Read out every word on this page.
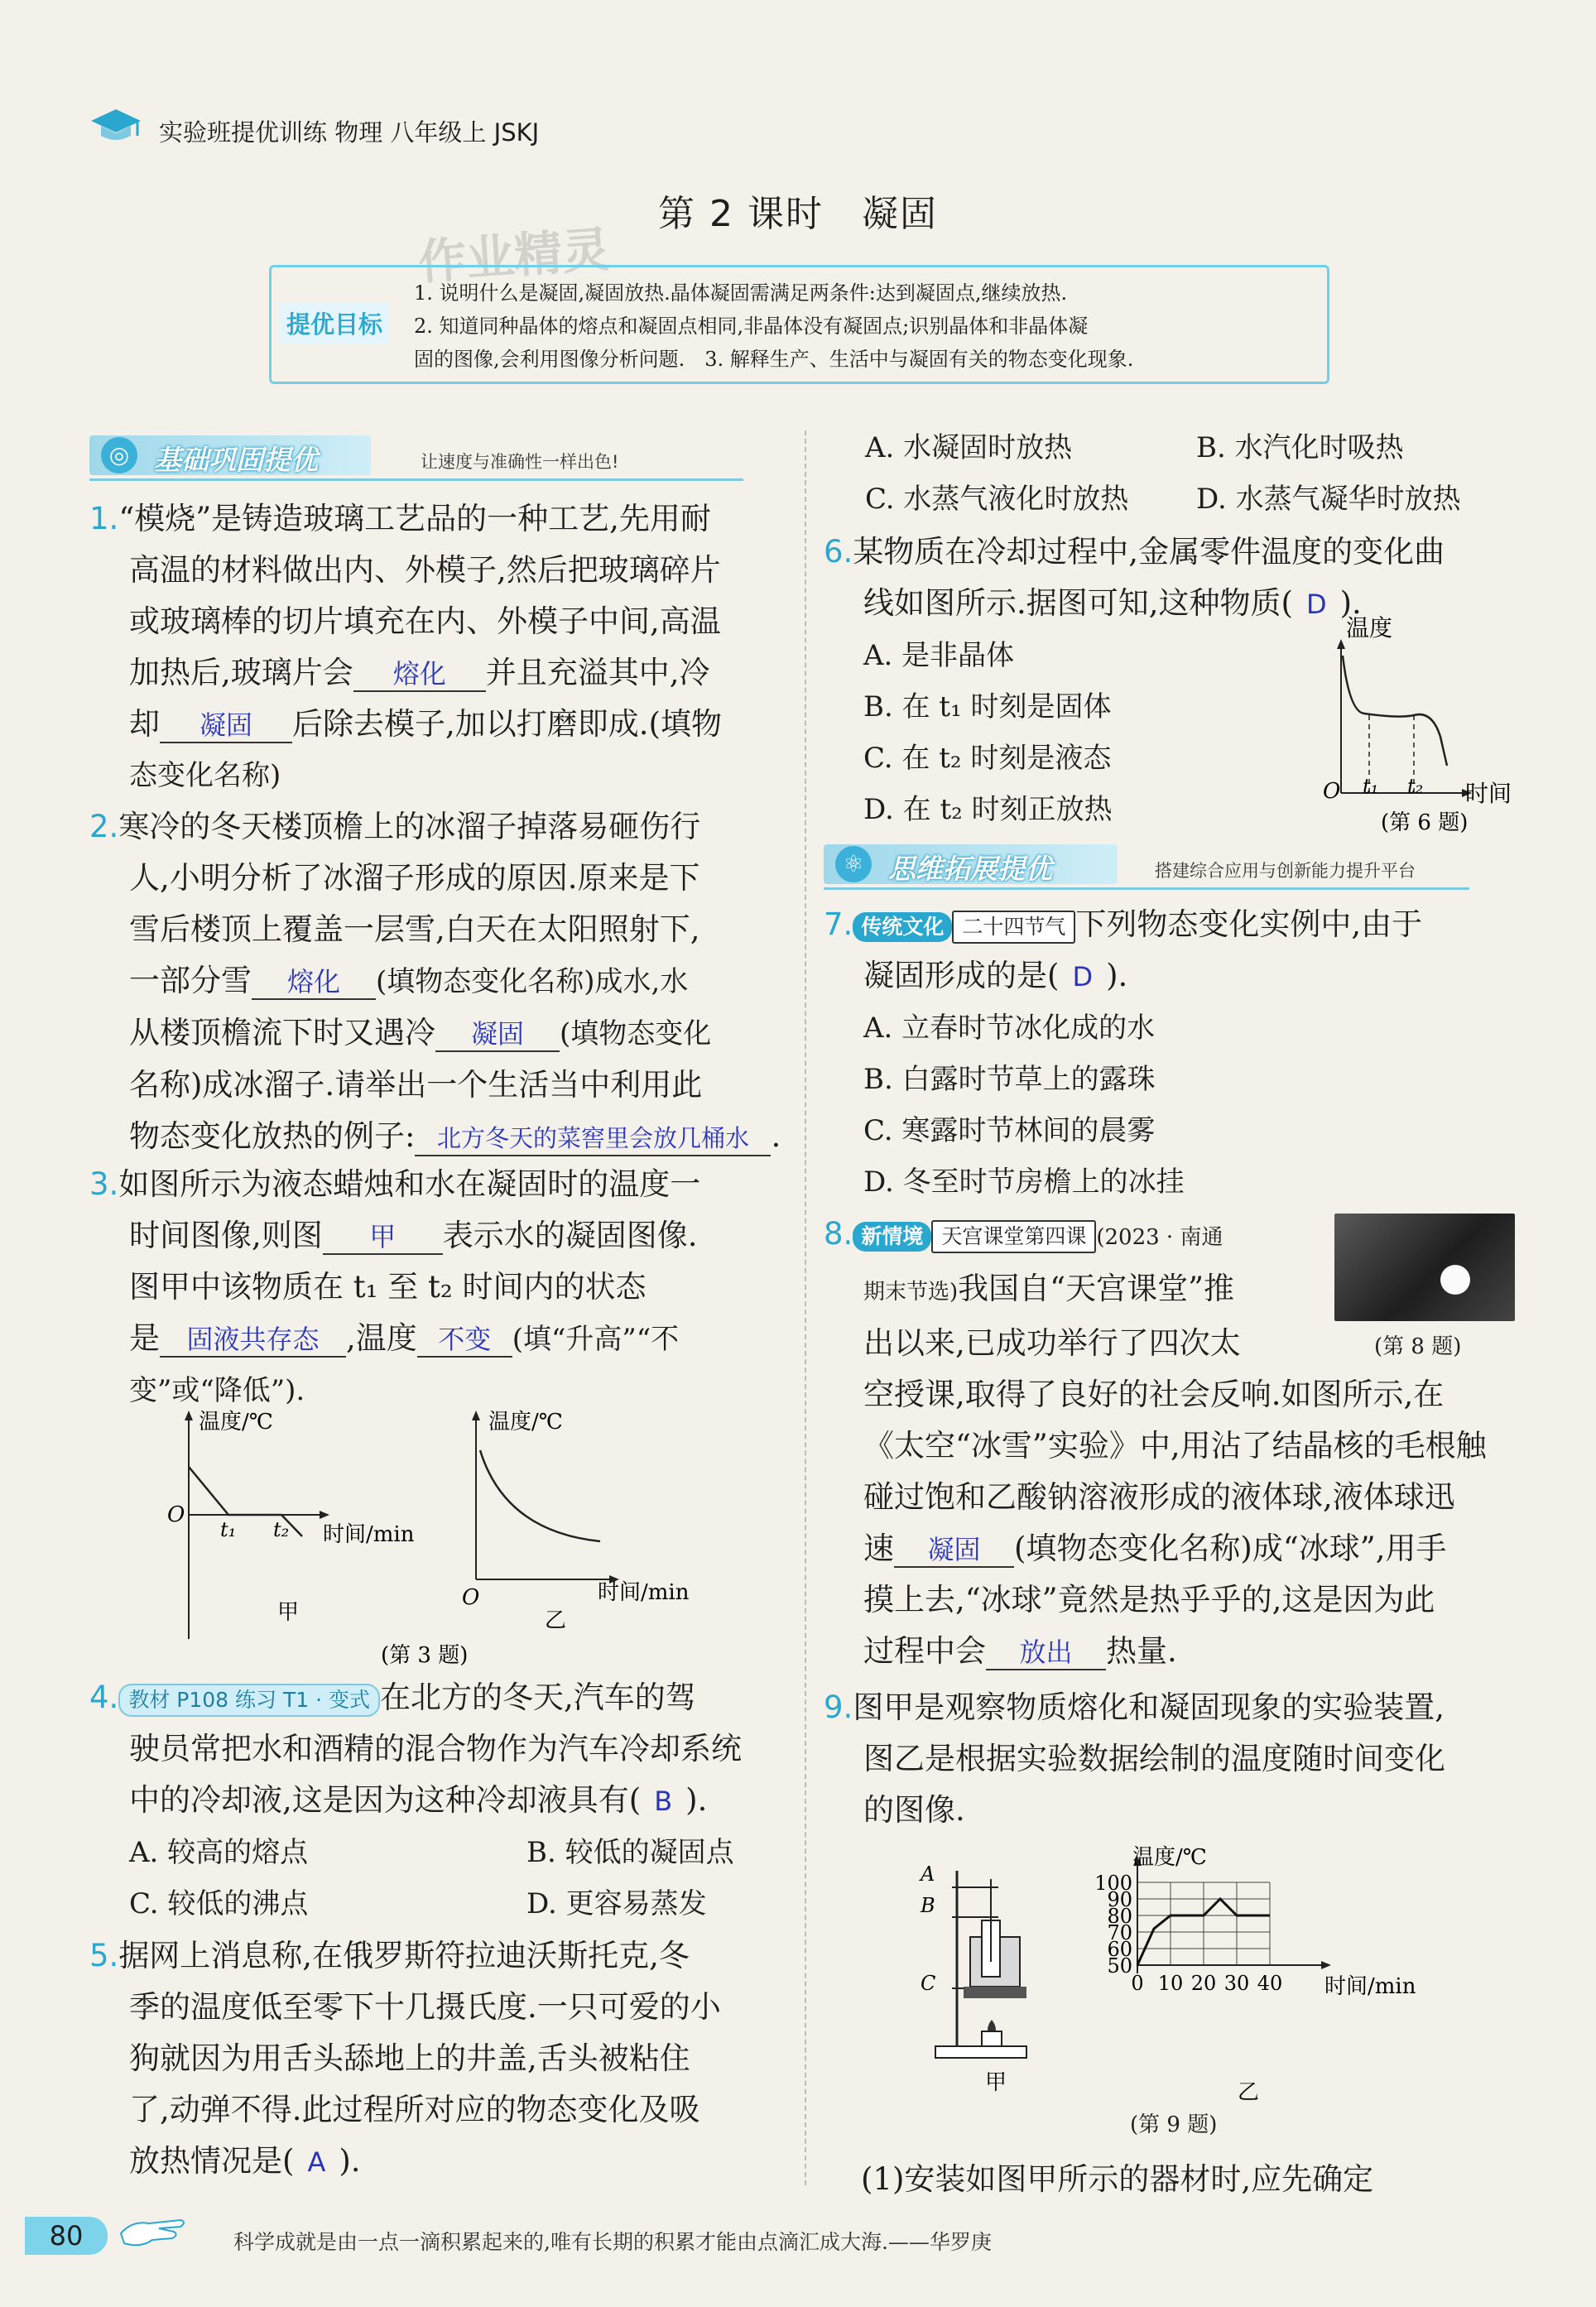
实验班提优训练 物理 八年级上 JSKJ
第 2 课时　凝固
作业精灵
提优目标
1. 说明什么是凝固,凝固放热.晶体凝固需满足两条件:达到凝固点,继续放热.
2. 知道同种晶体的熔点和凝固点相同,非晶体没有凝固点;识别晶体和非晶体凝
固的图像,会利用图像分析问题.　3. 解释生产、生活中与凝固有关的物态变化现象.
◎ 基础巩固提优	让速度与准确性一样出色!
1.“模烧”是铸造玻璃工艺品的一种工艺,先用耐
高温的材料做出内、外模子,然后把玻璃碎片
或玻璃棒的切片填充在内、外模子中间,高温
加热后,玻璃片会 熔化 并且充溢其中,冷
却 凝固 后除去模子,加以打磨即成.(填物
态变化名称)
2.寒冷的冬天楼顶檐上的冰溜子掉落易砸伤行
人,小明分析了冰溜子形成的原因.原来是下
雪后楼顶上覆盖一层雪,白天在太阳照射下,
一部分雪 熔化 (填物态变化名称)成水,水
从楼顶檐流下时又遇冷 凝固 (填物态变化
名称)成冰溜子.请举出一个生活当中利用此
物态变化放热的例子: 北方冬天的菜窖里会放几桶水 .
3.如图所示为液态蜡烛和水在凝固时的温度一
时间图像,则图 甲 表示水的凝固图像.
图甲中该物质在 t₁ 至 t₂ 时间内的状态
是 固液共存态 ,温度 不变 (填“升高”“不
变”或“降低”).
温度/℃
O
t₁ t₂ 时间/min
甲
温度/℃
O	时间/min
乙
(第 3 题)
4. 教材 P108 练习 T1 · 变式 在北方的冬天,汽车的驾
驶员常把水和酒精的混合物作为汽车冷却系统
中的冷却液,这是因为这种冷却液具有( B ).
A. 较高的熔点	B. 较低的凝固点
C. 较低的沸点	D. 更容易蒸发
5.据网上消息称,在俄罗斯符拉迪沃斯托克,冬
季的温度低至零下十几摄氏度.一只可爱的小
狗就因为用舌头舔地上的井盖,舌头被粘住
了,动弹不得.此过程所对应的物态变化及吸
放热情况是( A ).
A. 水凝固时放热	B. 水汽化时吸热
C. 水蒸气液化时放热 D. 水蒸气凝华时放热
6.某物质在冷却过程中,金属零件温度的变化曲
线如图所示.据图可知,这种物质( D ).
A. 是非晶体
B. 在 t₁ 时刻是固体
C. 在 t₂ 时刻是液态
D. 在 t₂ 时刻正放热
温度
O t₁ t₂ 时间
(第 6 题)
⚛ 思维拓展提优	搭建综合应用与创新能力提升平台
7. 传统文化 二十四节气 下列物态变化实例中,由于
凝固形成的是( D ).
A. 立春时节冰化成的水
B. 白露时节草上的露珠
C. 寒露时节林间的晨雾
D. 冬至时节房檐上的冰挂
8. 新情境 天宫课堂第四课 (2023 · 南通
期末节选)我国自“天宫课堂”推
出以来,已成功举行了四次太
空授课,取得了良好的社会反响.如图所示,在
《太空“冰雪”实验》中,用沾了结晶核的毛根触
碰过饱和乙酸钠溶液形成的液体球,液体球迅
速 凝固 (填物态变化名称)成“冰球”,用手
摸上去,“冰球”竟然是热乎乎的,这是因为此
过程中会 放出 热量.
(第 8 题)
9.图甲是观察物质熔化和凝固现象的实验装置,
图乙是根据实验数据绘制的温度随时间变化
的图像.
A
B
C
甲
50
60
70
80
90
100
0 10 20 30 40
温度/℃
时间/min
乙
(第 9 题)
(1)安装如图甲所示的器材时,应先确定
80	科学成就是由一点一滴积累起来的,唯有长期的积累才能由点滴汇成大海.——华罗庚
